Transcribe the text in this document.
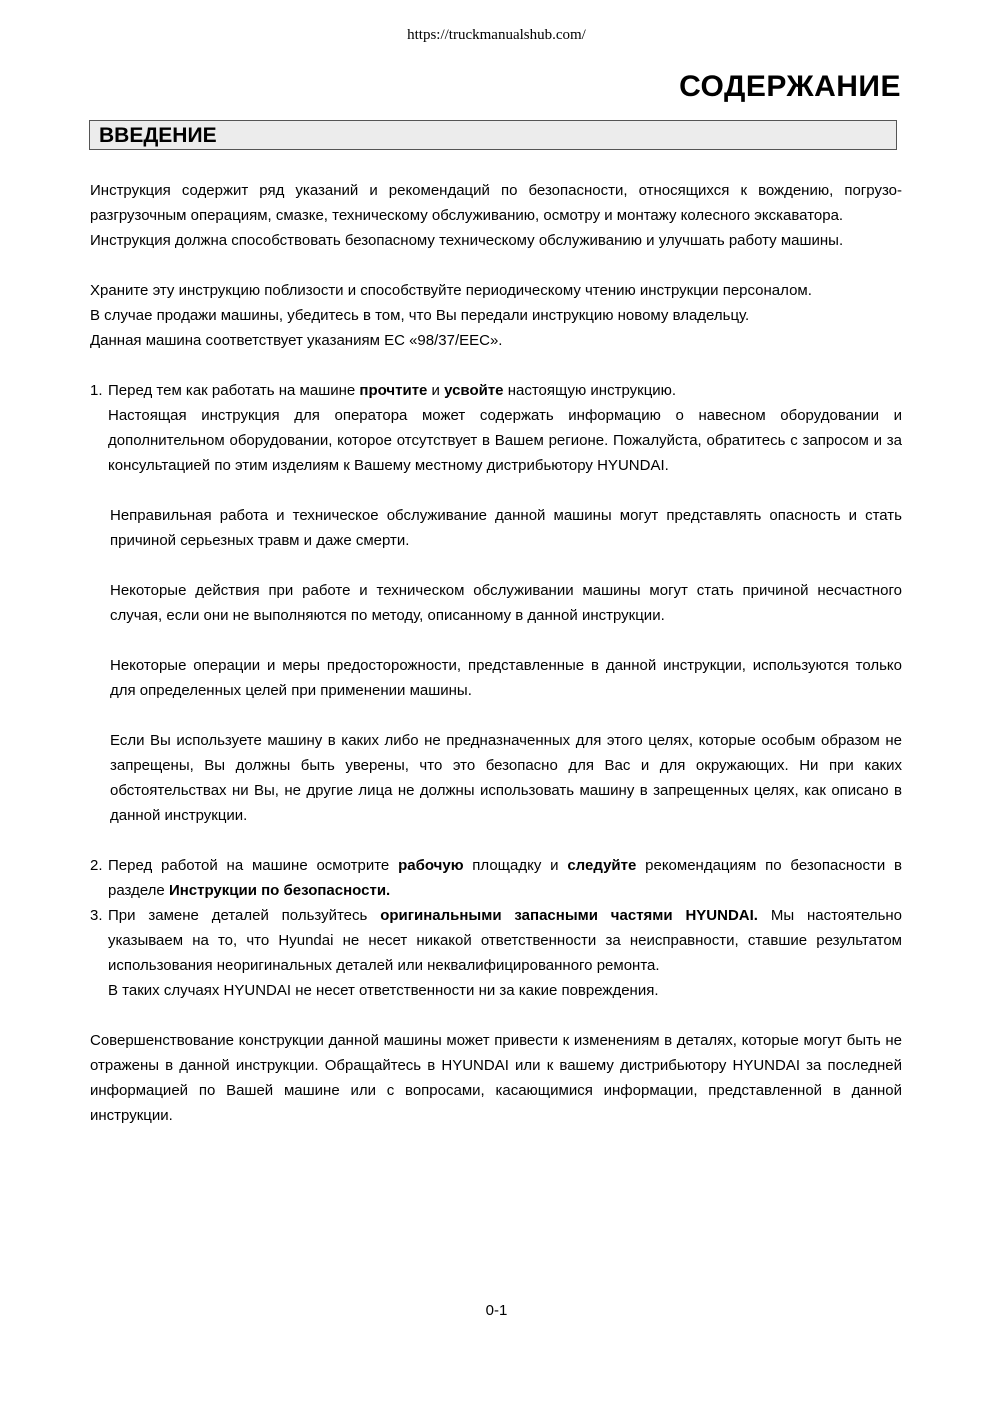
https://truckmanualshub.com/
СОДЕРЖАНИЕ
ВВЕДЕНИЕ

Инструкция содержит ряд указаний и рекомендаций по безопасности, относящихся к вождению, погрузо-разгрузочным операциям, смазке, техническому обслуживанию, осмотру и монтажу колесного экскаватора.

Инструкция должна способствовать безопасному техническому обслуживанию и улучшать работу машины.

Храните эту инструкцию поблизости и способствуйте периодическому чтению инструкции персоналом.

В случае продажи машины, убедитесь в том, что Вы передали инструкцию новому владельцу.

Данная машина соответствует указаниям ЕС «98/37/EEC».

1. Перед тем как работать на машине прочтите и усвойте настоящую инструкцию.

Настоящая инструкция для оператора может содержать информацию о навесном оборудовании и дополнительном оборудовании, которое отсутствует в Вашем регионе. Пожалуйста, обратитесь с запросом и за консультацией по этим изделиям к Вашему местному дистрибьютору HYUNDAI.

Неправильная работа и техническое обслуживание данной машины могут представлять опасность и стать причиной серьезных травм и даже смерти.

Некоторые действия при работе и техническом обслуживании машины могут стать причиной несчастного случая, если они не выполняются по методу, описанному в данной инструкции.

Некоторые операции и меры предосторожности, представленные в данной инструкции, используются только для определенных целей при применении машины.

Если Вы используете машину в каких либо не предназначенных для этого целях, которые особым образом не запрещены, Вы должны быть уверены, что это безопасно для Вас и для окружающих. Ни при каких обстоятельствах ни Вы, не другие лица не должны использовать машину в запрещенных целях, как описано в данной инструкции.

2. Перед работой на машине осмотрите рабочую площадку и следуйте рекомендациям по безопасности в разделе Инструкции по безопасности.
3. При замене деталей пользуйтесь оригинальными запасными частями HYUNDAI. Мы настоятельно указываем на то, что Hyundai не несет никакой ответственности за неисправности, ставшие результатом использования неоригинальных деталей или неквалифицированного ремонта.

В таких случаях HYUNDAI не несет ответственности ни за какие повреждения.

Совершенствование конструкции данной машины может привести к изменениям в деталях, которые могут быть не отражены в данной инструкции. Обращайтесь в HYUNDAI или к вашему дистрибьютору HYUNDAI за последней информацией по Вашей машине или с вопросами, касающимися информации, представленной в данной инструкции.

0-1
